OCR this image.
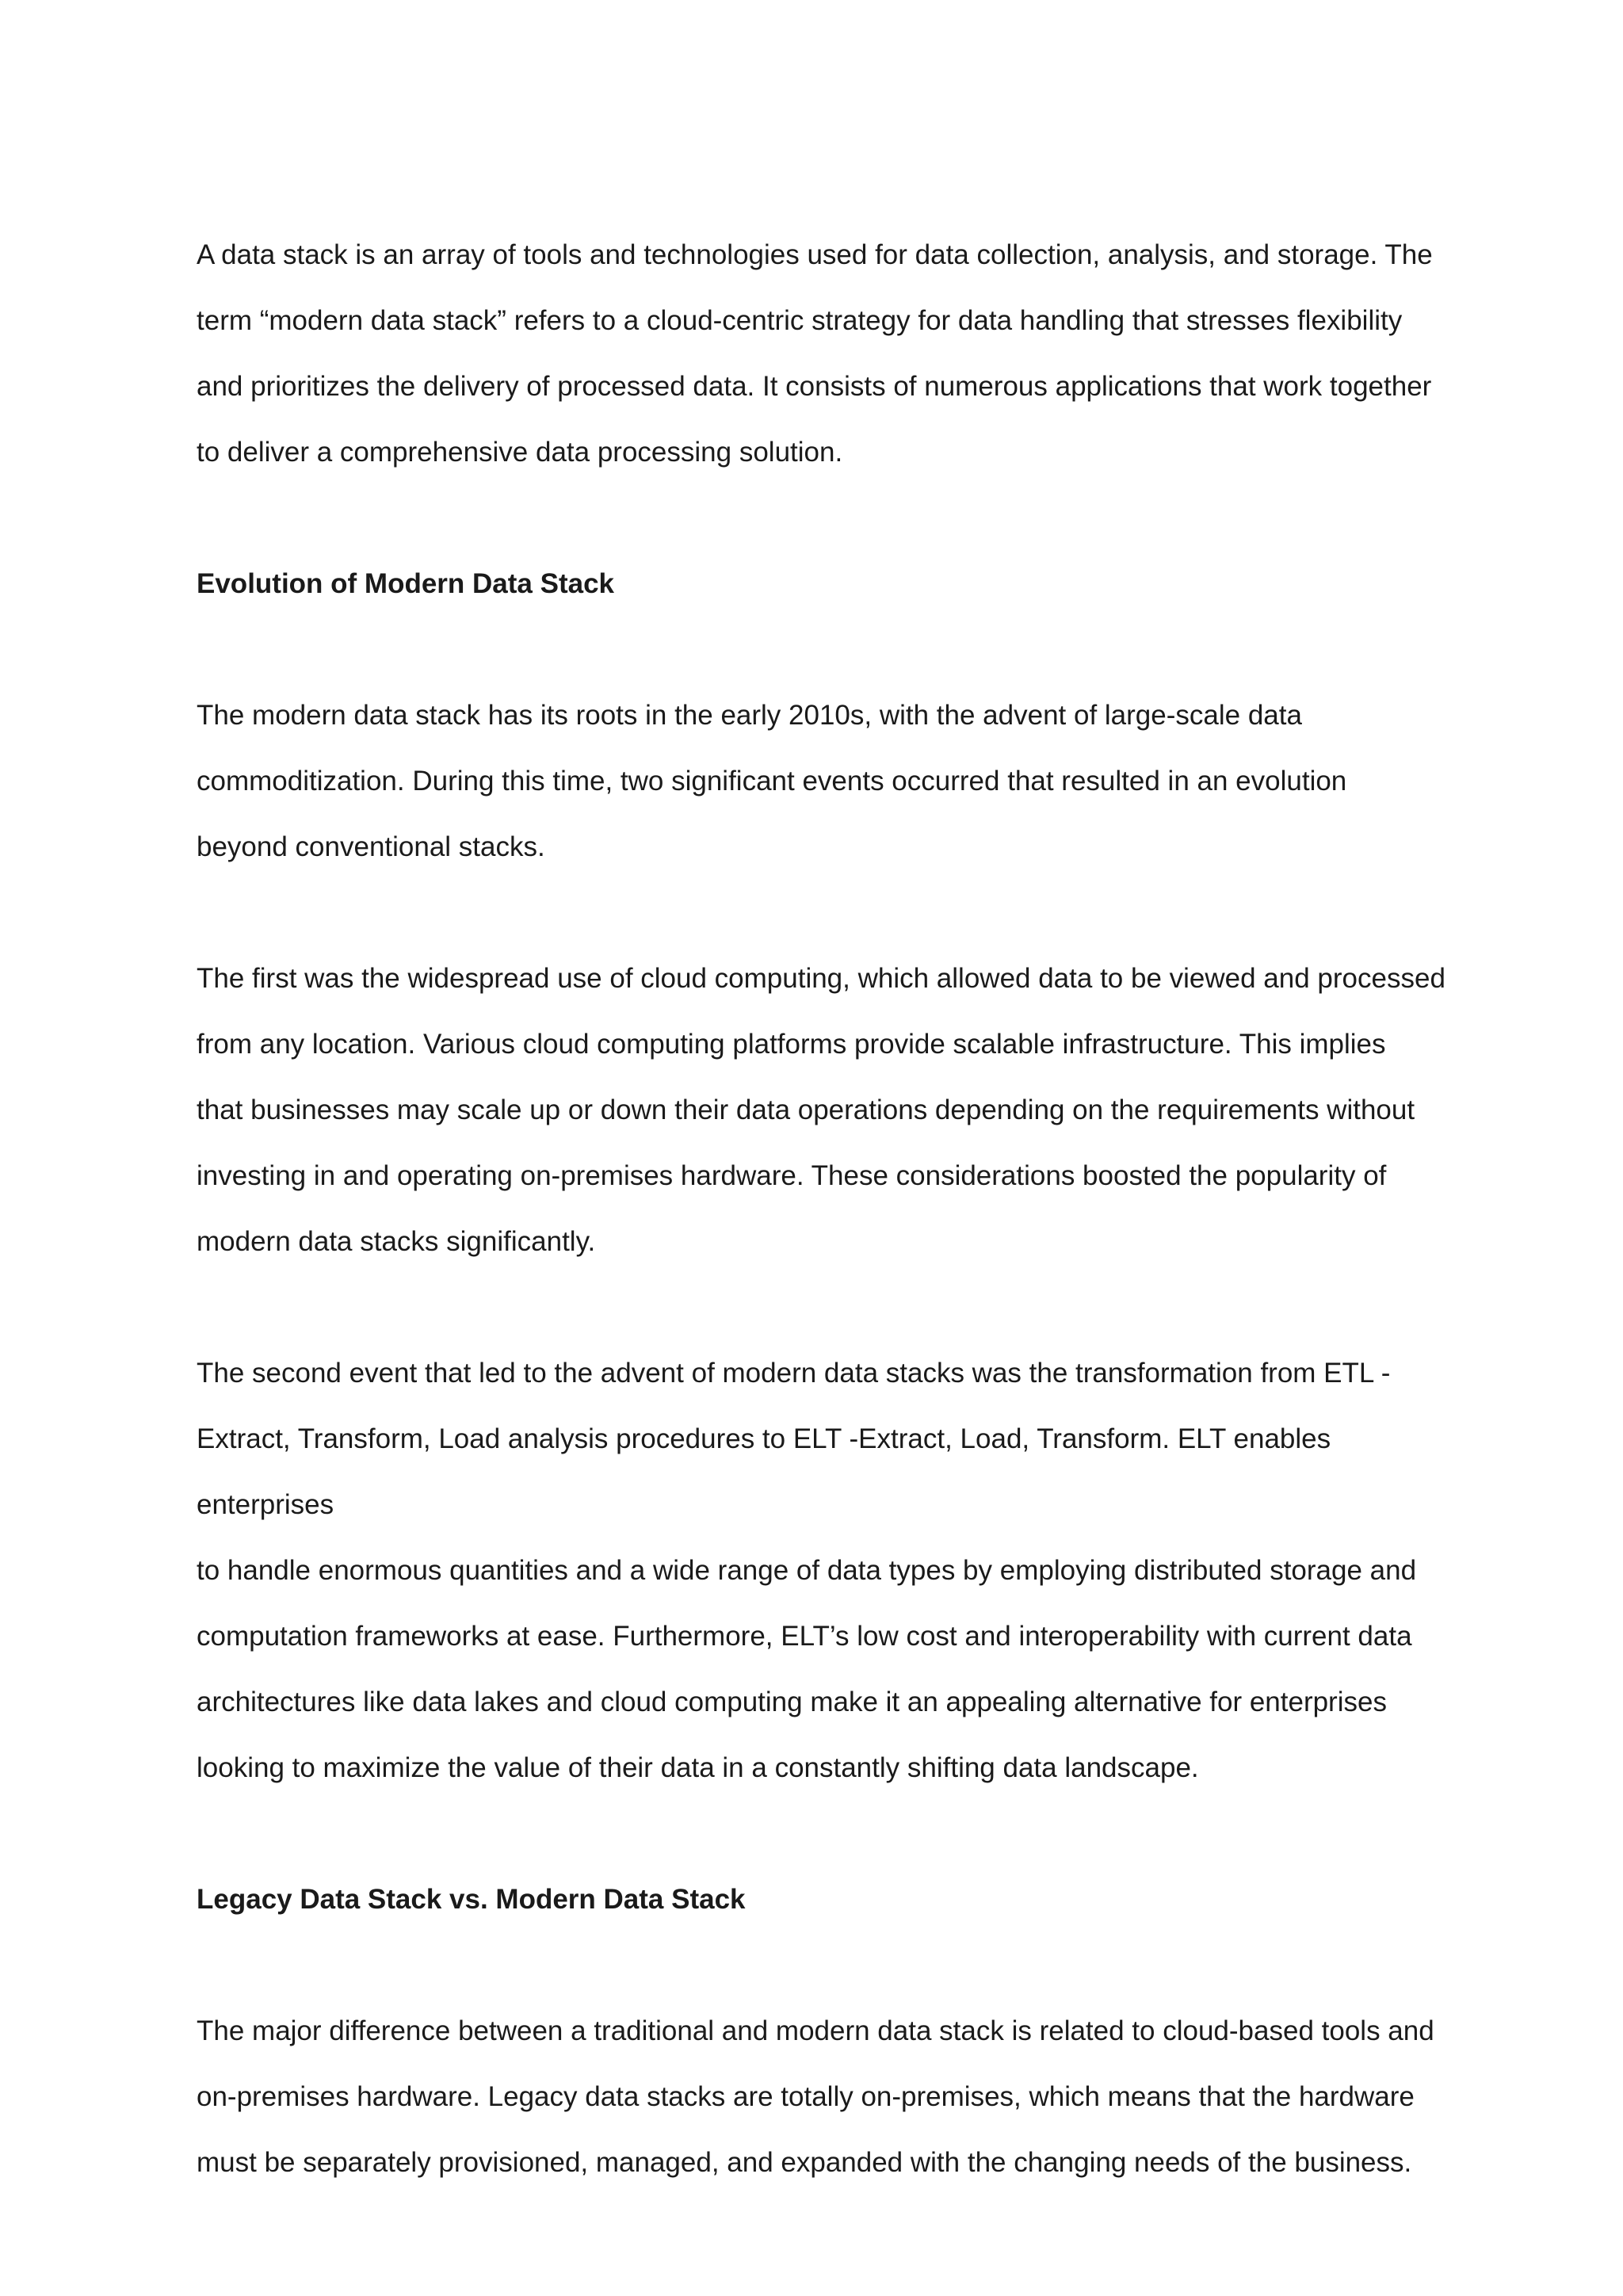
A data stack is an array of tools and technologies used for data collection, analysis, and storage. The
term “modern data stack” refers to a cloud-centric strategy for data handling that stresses flexibility
and prioritizes the delivery of processed data. It consists of numerous applications that work together
to deliver a comprehensive data processing solution.
Evolution of Modern Data Stack
The modern data stack has its roots in the early 2010s, with the advent of large-scale data
commoditization. During this time, two significant events occurred that resulted in an evolution
beyond conventional stacks.
The first was the widespread use of cloud computing, which allowed data to be viewed and processed
from any location. Various cloud computing platforms provide scalable infrastructure. This implies
that businesses may scale up or down their data operations depending on the requirements without
investing in and operating on-premises hardware. These considerations boosted the popularity of
modern data stacks significantly.
The second event that led to the advent of modern data stacks was the transformation from ETL -
Extract, Transform, Load analysis procedures to ELT -Extract, Load, Transform. ELT enables enterprises
to handle enormous quantities and a wide range of data types by employing distributed storage and
computation frameworks at ease. Furthermore, ELT’s low cost and interoperability with current data
architectures like data lakes and cloud computing make it an appealing alternative for enterprises
looking to maximize the value of their data in a constantly shifting data landscape.
Legacy Data Stack vs. Modern Data Stack
The major difference between a traditional and modern data stack is related to cloud-based tools and
on-premises hardware. Legacy data stacks are totally on-premises, which means that the hardware
must be separately provisioned, managed, and expanded with the changing needs of the business.
